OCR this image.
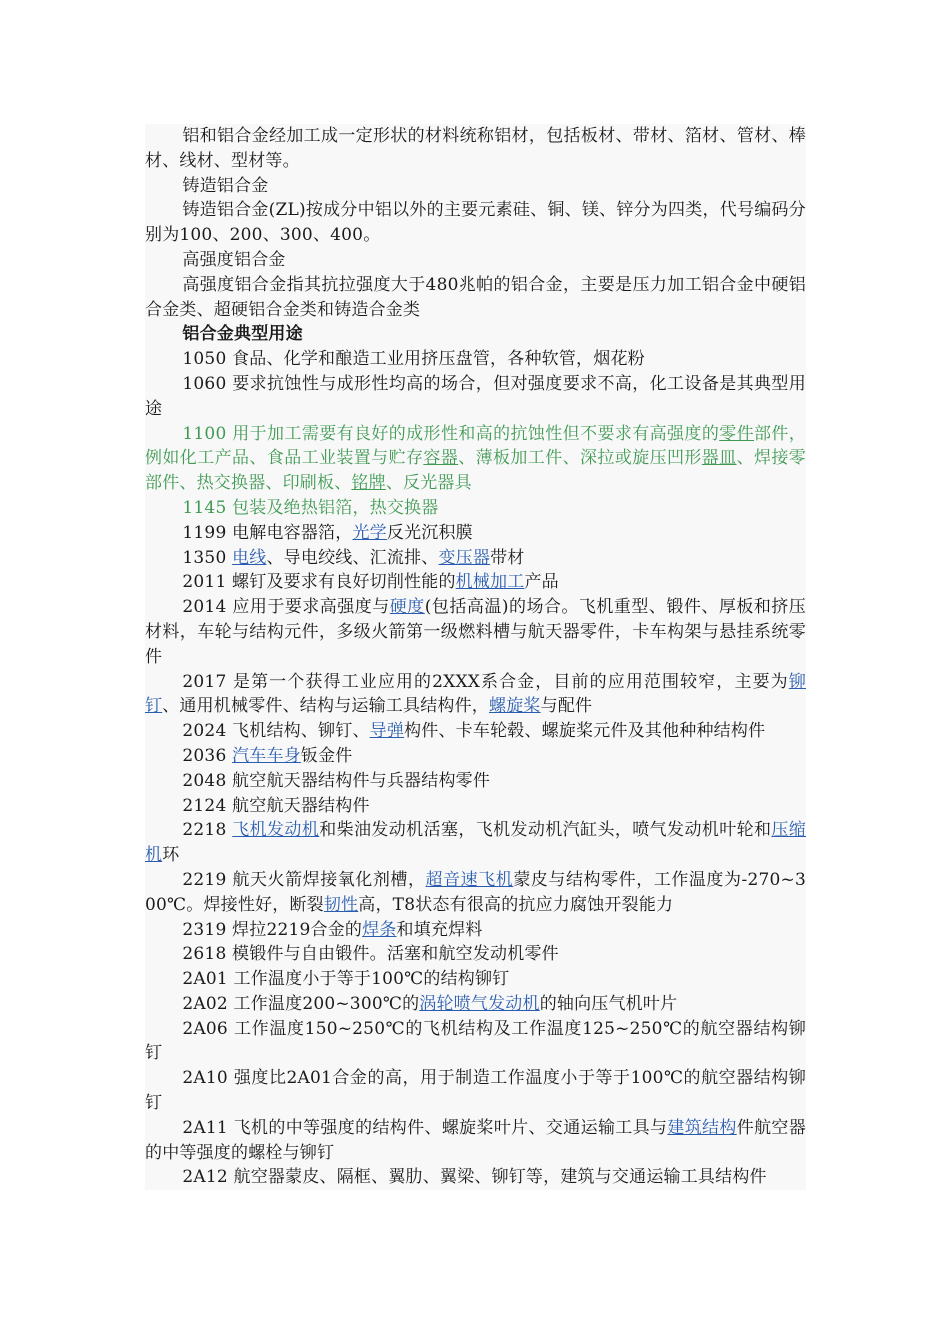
铝和铝合金经加工成一定形状的材料统称铝材，包括板材、带材、箔材、管材、棒材、线材、型材等。

铸造铝合金

铸造铝合金(ZL)按成分中铝以外的主要元素硅、铜、镁、锌分为四类，代号编码分别为100、200、300、400。

高强度铝合金

高强度铝合金指其抗拉强度大于480兆帕的铝合金，主要是压力加工铝合金中硬铝合金类、超硬铝合金类和铸造合金类

铝合金典型用途

1050 食品、化学和酿造工业用挤压盘管，各种软管，烟花粉

1060 要求抗蚀性与成形性均高的场合，但对强度要求不高，化工设备是其典型用途

1100 用于加工需要有良好的成形性和高的抗蚀性但不要求有高强度的零件部件，例如化工产品、食品工业装置与贮存容器、薄板加工件、深拉或旋压凹形器皿、焊接零部件、热交换器、印刷板、铭牌、反光器具

1145 包装及绝热铝箔，热交换器

1199 电解电容器箔，光学反光沉积膜

1350 电线、导电绞线、汇流排、变压器带材

2011 螺钉及要求有良好切削性能的机械加工产品

2014 应用于要求高强度与硬度(包括高温)的场合。飞机重型、锻件、厚板和挤压材料，车轮与结构元件，多级火箭第一级燃料槽与航天器零件，卡车构架与悬挂系统零件

2017 是第一个获得工业应用的2XXX系合金，目前的应用范围较窄，主要为铆钉、通用机械零件、结构与运输工具结构件，螺旋桨与配件

2024 飞机结构、铆钉、导弹构件、卡车轮毂、螺旋桨元件及其他种种结构件

2036 汽车车身钣金件

2048 航空航天器结构件与兵器结构零件

2124 航空航天器结构件

2218 飞机发动机和柴油发动机活塞，飞机发动机汽缸头，喷气发动机叶轮和压缩机环

2219 航天火箭焊接氧化剂槽，超音速飞机蒙皮与结构零件，工作温度为-270~300℃。焊接性好，断裂韧性高，T8状态有很高的抗应力腐蚀开裂能力

2319 焊拉2219合金的焊条和填充焊料

2618 模锻件与自由锻件。活塞和航空发动机零件

2A01 工作温度小于等于100℃的结构铆钉

2A02 工作温度200~300℃的涡轮喷气发动机的轴向压气机叶片

2A06 工作温度150~250℃的飞机结构及工作温度125~250℃的航空器结构铆钉

2A10 强度比2A01合金的高，用于制造工作温度小于等于100℃的航空器结构铆钉

2A11 飞机的中等强度的结构件、螺旋桨叶片、交通运输工具与建筑结构件航空器的中等强度的螺栓与铆钉

2A12 航空器蒙皮、隔框、翼肋、翼梁、铆钉等，建筑与交通运输工具结构件
